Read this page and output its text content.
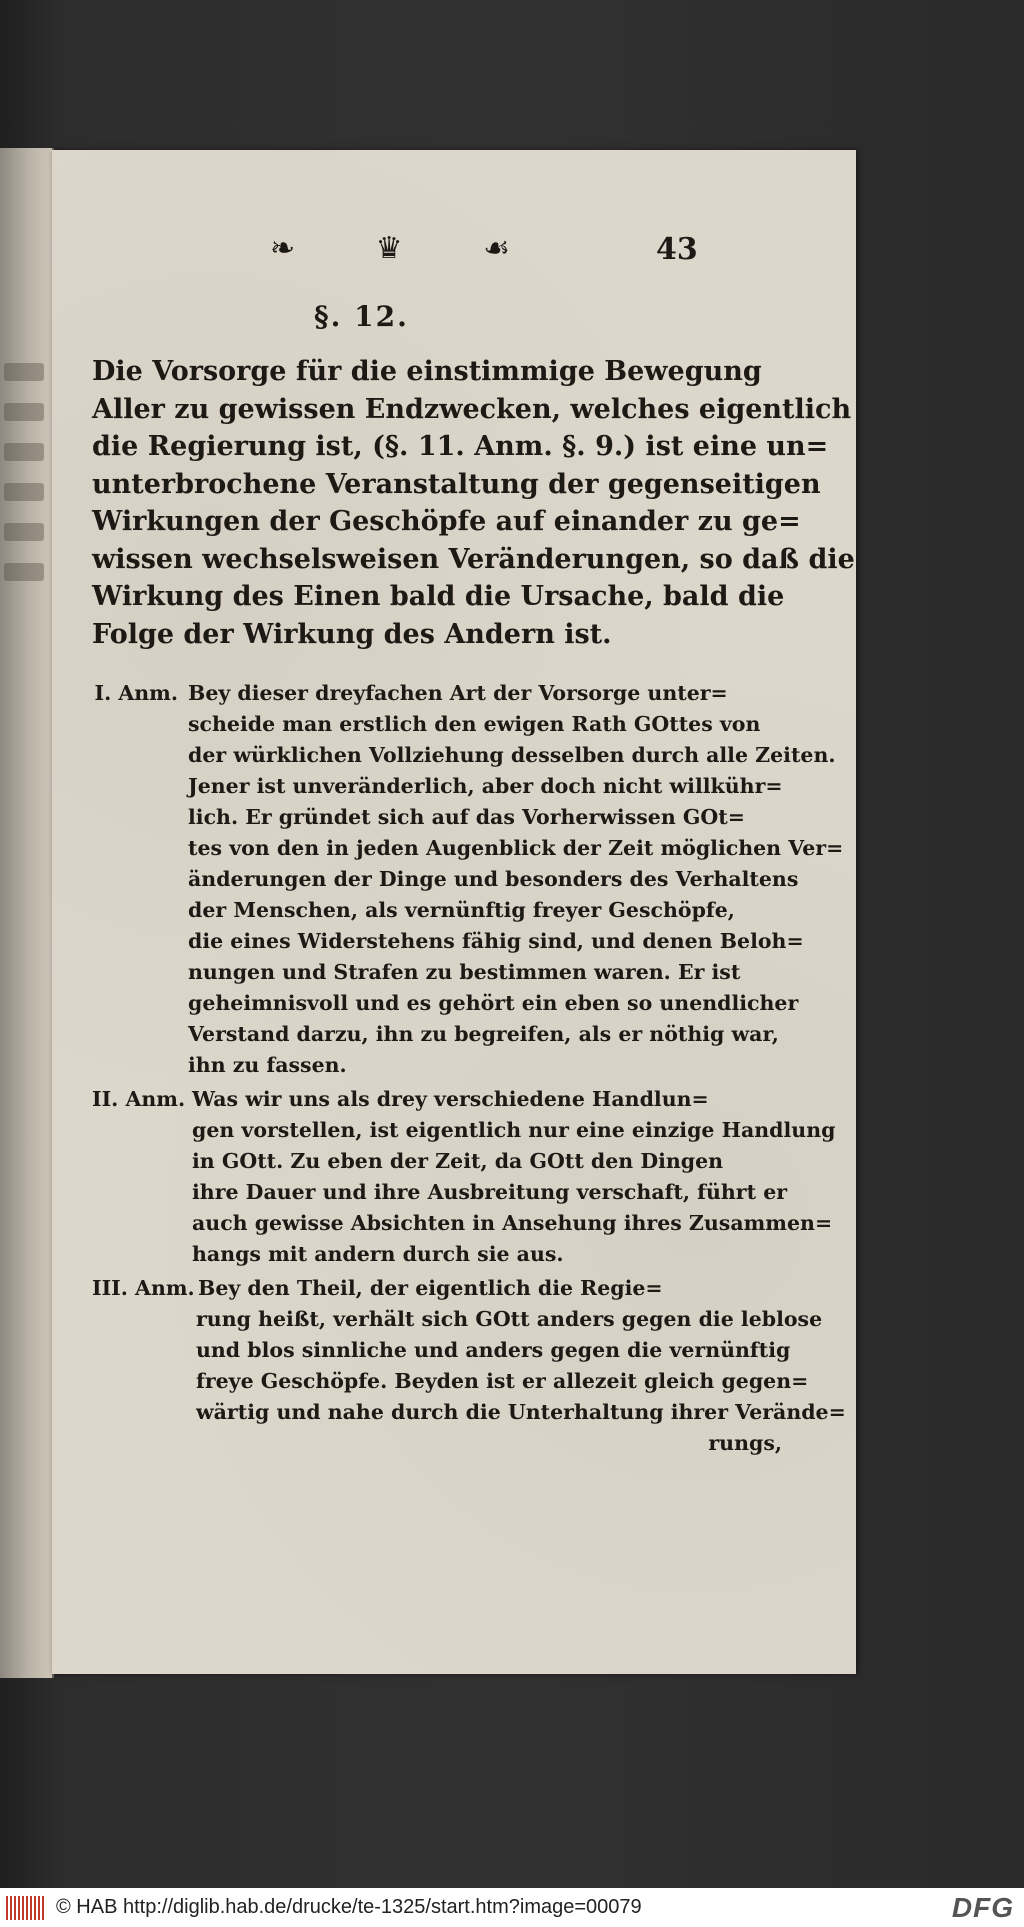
❧	♛	☙	43
§. 12.
Die Vorsorge für die einstimmige Bewegung
Aller zu gewissen Endzwecken, welches eigentlich
die Regierung ist, (§. 11. Anm. §. 9.) ist eine un=
unterbrochene Veranstaltung der gegenseitigen
Wirkungen der Geschöpfe auf einander zu ge=
wissen wechselsweisen Veränderungen, so daß die
Wirkung des Einen bald die Ursache, bald die
Folge der Wirkung des Andern ist.
I. Anm. Bey dieser dreyfachen Art der Vorsorge unter=
scheide man erstlich den ewigen Rath GOttes von
der würklichen Vollziehung desselben durch alle Zeiten.
Jener ist unveränderlich, aber doch nicht willkühr=
lich. Er gründet sich auf das Vorherwissen GOt=
tes von den in jeden Augenblick der Zeit möglichen Ver=
änderungen der Dinge und besonders des Verhaltens
der Menschen, als vernünftig freyer Geschöpfe,
die eines Widerstehens fähig sind, und denen Beloh=
nungen und Strafen zu bestimmen waren. Er ist
geheimnisvoll und es gehört ein eben so unendlicher
Verstand darzu, ihn zu begreifen, als er nöthig war,
ihn zu fassen.
II. Anm. Was wir uns als drey verschiedene Handlun=
gen vorstellen, ist eigentlich nur eine einzige Handlung
in GOtt. Zu eben der Zeit, da GOtt den Dingen
ihre Dauer und ihre Ausbreitung verschaft, führt er
auch gewisse Absichten in Ansehung ihres Zusammen=
hangs mit andern durch sie aus.
III. Anm. Bey den Theil, der eigentlich die Regie=
rung heißt, verhält sich GOtt anders gegen die leblose
und blos sinnliche und anders gegen die vernünftig
freye Geschöpfe. Beyden ist er allezeit gleich gegen=
wärtig und nahe durch die Unterhaltung ihrer Verände=
rungs,
© HAB http://diglib.hab.de/drucke/te-1325/start.htm?image=00079	DFG
